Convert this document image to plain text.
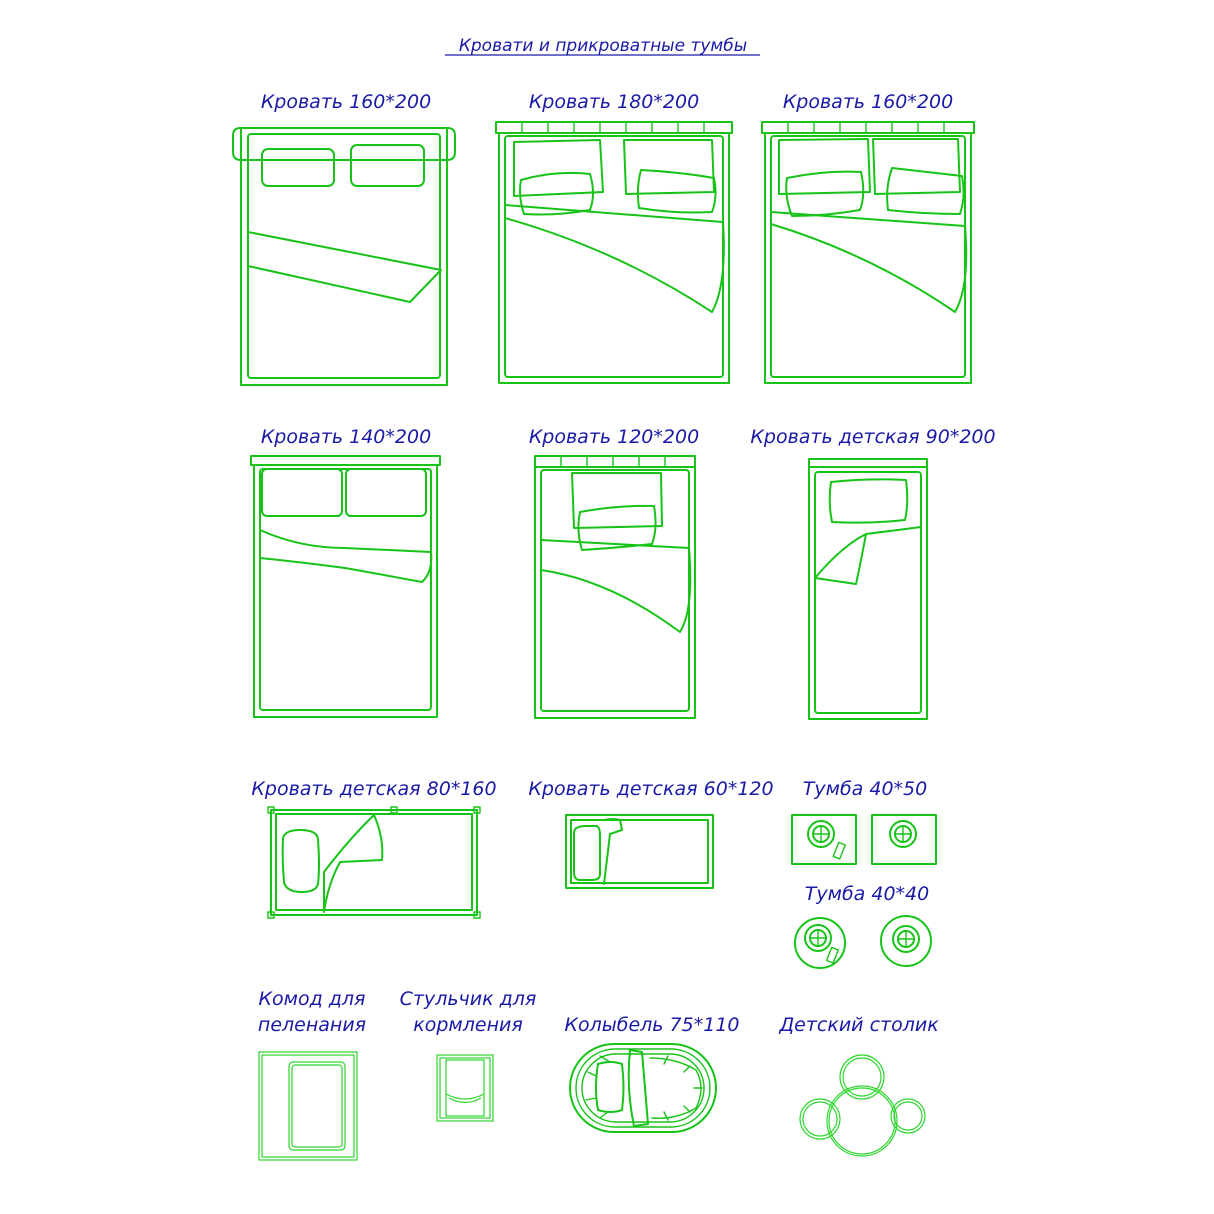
Кровати и прикроватные тумбы
Кровать 160*200	Кровать 180*200	Кровать 160*200
Кровать 140*200	Кровать 120*200	Кровать детская 90*200
Кровать детская 80*160 Кровать детская 60*120 Тумба 40*50
Тумба 40*40
Комод для
пеленания
Стульчик для
кормления Колыбель 75*110 Детский столик
